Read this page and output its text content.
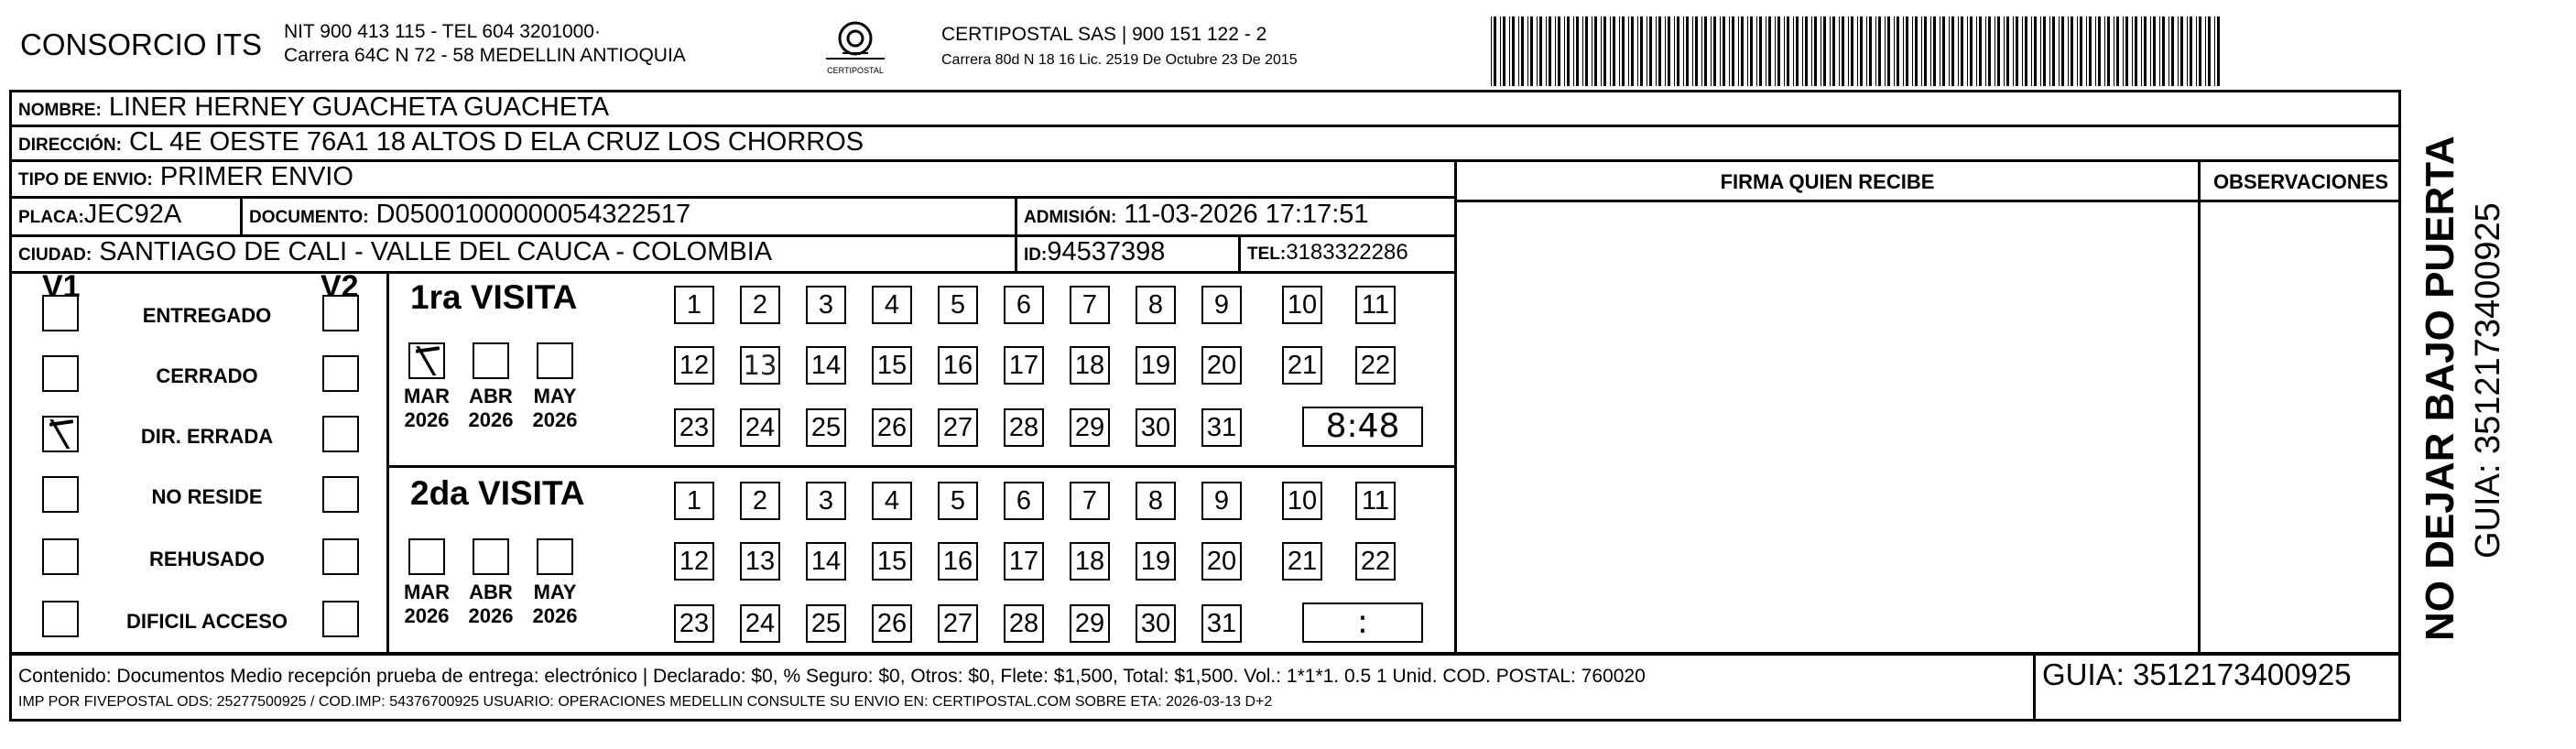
CONSORCIO ITS NIT 900 413 115 - TEL 604 3201000·
Carrera 64C N 72 - 58 MEDELLIN ANTIOQUIA
CERTIPOSTAL
CERTIPOSTAL SAS | 900 151 122 - 2
Carrera 80d N 18 16 Lic. 2519 De Octubre 23 De 2015
NOMBRE: LINER HERNEY GUACHETA GUACHETA
DIRECCIÓN: CL 4E OESTE 76A1 18 ALTOS D ELA CRUZ LOS CHORROS
TIPO DE ENVIO: PRIMER ENVIO
PLACA:JEC92A	DOCUMENTO: D05001000000054322517	ADMISIÓN: 11-03-2026 17:17:51
CIUDAD: SANTIAGO DE CALI - VALLE DEL CAUCA - COLOMBIA	ID:94537398	TEL:3183322286
FIRMA QUIEN RECIBE	OBSERVACIONES
V1	V2
ENTREGADO
CERRADO
DIR. ERRADA
NO RESIDE
REHUSADO
DIFICIL ACCESO
1ra VISITA
MAR
2026
ABR
2026
MAY
2026
1	2	3	4	5	6	7	8	9	10 11
12 13 14 15 16 17 18 19 20 21 22
23 24 25 26 27 28 29 30 31	8:48
2da VISITA
MAR
2026
ABR
2026
MAY
2026
1	2	3	4	5	6	7	8	9	10 11
12 13 14 15 16 17 18 19 20 21 22
23 24 25 26 27 28 29 30 31	:
Contenido: Documentos Medio recepción prueba de entrega: electrónico | Declarado: $0, % Seguro: $0, Otros: $0, Flete: $1,500, Total: $1,500. Vol.: 1*1*1. 0.5 1 Unid. COD. POSTAL: 760020
IMP POR FIVEPOSTAL ODS: 25277500925 / COD.IMP: 54376700925 USUARIO: OPERACIONES MEDELLIN CONSULTE SU ENVIO EN: CERTIPOSTAL.COM SOBRE ETA: 2026-03-13 D+2
GUIA: 3512173400925
NO DEJAR BAJO PUERTA GUIA: 3512173400925
